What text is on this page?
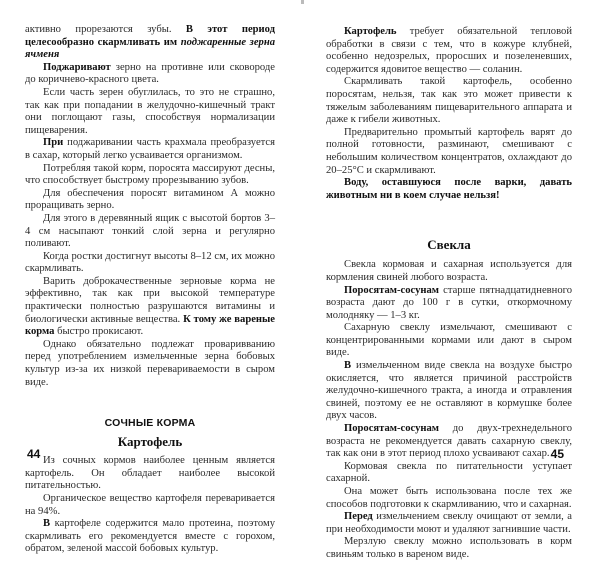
активно прорезаются зубы. В этот период целесообразно скармливать им поджаренные зерна ячменя

Поджаривают зерно на противне или сковороде до коричнево-красного цвета.

Если часть зерен обуглилась, то это не страшно, так как при попадании в желудочно-кишечный тракт они поглощают газы, способствуя нормализации пищеварения.

При поджаривании часть крахмала преобразуется в сахар, который легко усваивается организмом.

Потребляя такой корм, поросята массируют десны, что способствует быстрому прорезыванию зубов.

Для обеспечения поросят витамином А можно проращивать зерно.

Для этого в деревянный ящик с высотой бортов 3–4 см насыпают тонкий слой зерна и регулярно поливают.

Когда ростки достигнут высоты 8–12 см, их можно скармливать.

Варить доброкачественные зерновые корма не эффективно, так как при высокой температуре практически полностью разрушаются витамины и биологически активные вещества. К тому же вареные корма быстро прокисают.

Однако обязательно подлежат проваривванию перед употреблением измельченные зерна бобовых культур из-за их низкой перевариваемости в сыром виде.

СОЧНЫЕ КОРМА
Картофель

Из сочных кормов наиболее ценным является картофель. Он обладает наиболее высокой питательностью.

Органическое вещество картофеля переваривается на 94%.

В картофеле содержится мало протеина, поэтому скармливать его рекомендуется вместе с горохом, обратом, зеленой массой бобовых культур.

44

Картофель требует обязательной тепловой обработки в связи с тем, что в кожуре клубней, особенно недозрелых, проросших и позеленевших, содержится ядовитое вещество — соланин.

Скармливать такой картофель, особенно поросятам, нельзя, так как это может привести к тяжелым заболеваниям пищеварительного аппарата и даже к гибели животных.

Предварительно промытый картофель варят до полной готовности, разминают, смешивают с небольшим количеством концентратов, охлаждают до 20–25°С и скармливают.

Воду, оставшуюся после варки, давать животным ни в коем случае нельзя!

Свекла

Свекла кормовая и сахарная используется для кормления свиней любого возраста.

Поросятам-сосунам старше пятнадцатидневного возраста дают до 100 г в сутки, откормочному молодняку — 1–3 кг.

Сахарную свеклу измельчают, смешивают с концентрированными кормами или дают в сыром виде.

В измельченном виде свекла на воздухе быстро окисляется, что является причиной расстройств желудочно-кишечного тракта, а иногда и отравления свиней, поэтому ее не оставляют в кормушке более двух часов.

Поросятам-сосунам до двух-трехнедельного возраста не рекомендуется давать сахарную свеклу, так как они в этот период плохо усваивают сахар.

Кормовая свекла по питательности уступает сахарной.

Она может быть использована после тех же способов подготовки к скармливанию, что и сахарная.

Перед измельчением свеклу очищают от земли, а при необходимости моют и удаляют загнившие части.

Мерзлую свеклу можно использовать в корм свиньям только в вареном виде.

45
